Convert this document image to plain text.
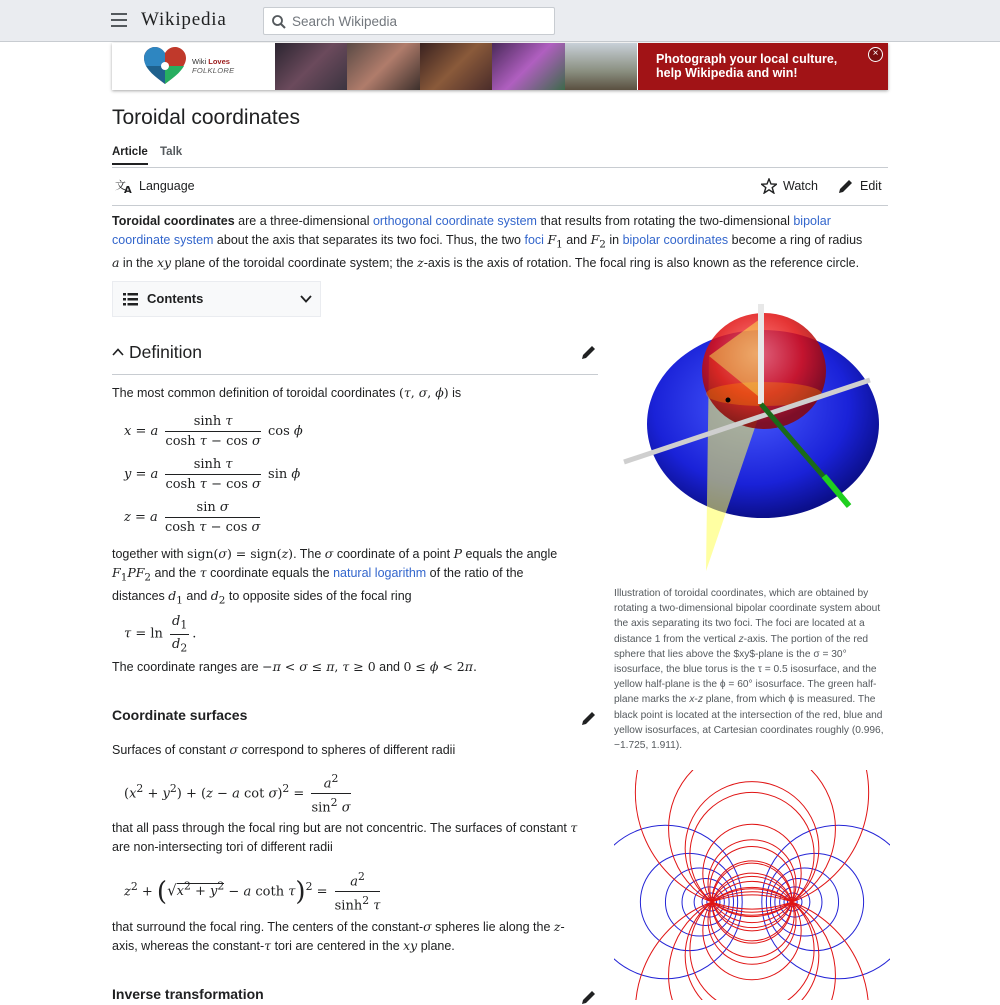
Wikipedia
Search Wikipedia
Wiki Loves
FOLKLORE
Photograph your local culture,
help Wikipedia and win!
×
Toroidal coordinates
Article Talk
文
A Language	Watch	Edit

Toroidal coordinates are a three-dimensional orthogonal coordinate system that results from rotating the two-dimensional bipolar coordinate system about the axis that separates its two foci. Thus, the two foci $F_1$ and $F_2$ in bipolar coordinates become a ring of radius
a in the xy plane of the toroidal coordinate system; the z-axis is the axis of rotation. The focal ring is also known as the reference circle.

Contents
Definition

The most common definition of toroidal coordinates (τ, σ, ϕ) is

x = a $\frac{\text{sinh τ}}{\text{cosh τ − cos σ}}$ cos ϕ
y = a $\frac{\text{sinh τ}}{\text{cosh τ − cos σ}}$ sin ϕ
z = a $\frac{\text{sin σ}}{\text{cosh τ − cos σ}}$

together with sign(σ) = sign(z). The σ coordinate of a point P equals the angle
$F_1PF_2$ and the τ coordinate equals the natural logarithm of the ratio of the
distances $d_1$ and $d_2$ to opposite sides of the focal ring

$\tau = \ln \frac{d_1}{d_2}$ .

The coordinate ranges are −π < σ ≤ π, τ ≥ 0 and 0 ≤ ϕ < 2π.

Coordinate surfaces

Surfaces of constant σ correspond to spheres of different radii

$(x^2 + y^2) + (z - a$ $\cot \sigma)^2 = \frac{a^2}{\sin^2 \sigma}$

that all pass through the focal ring but are not concentric. The surfaces of constant τ
are non-intersecting tori of different radii

$z^2 + (√x^2 + y^2 - a$ coth $\tau)^2 = \frac{a^2}{\sinh^2 \tau}$

that surround the focal ring. The centers of the constant-σ spheres lie along the z-
axis, whereas the constant-τ tori are centered in the xy plane.

Inverse transformation
Illustration of toroidal coordinates, which are obtained by rotating a two-dimensional bipolar coordinate system about the axis separating its two foci. The foci are located at a distance 1 from the vertical z-axis. The portion of the red sphere that lies above the $xy$-plane is the σ = 30° isosurface, the blue torus is the τ = 0.5 isosurface, and the yellow half-plane is the ϕ = 60° isosurface. The green half-plane marks the x-z plane, from which ϕ is measured. The black point is located at the intersection of the red, blue and yellow isosurfaces, at Cartesian coordinates roughly (0.996, −1.725, 1.911).
